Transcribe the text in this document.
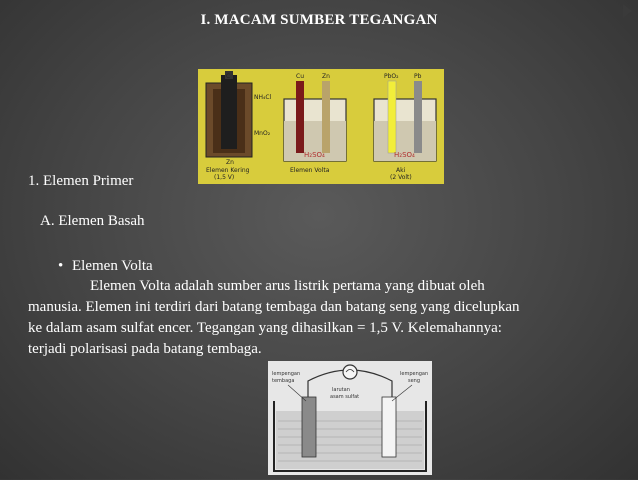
I. MACAM SUMBER TEGANGAN
C
NH₄Cl
MnO₂
Zn
Elemen Kering
(1,5 V)
Cu	Zn
H₂SO₄
Elemen Volta
PbO₂	Pb
H₂SO₄
Aki
(2 Volt)
1. Elemen Primer
A. Elemen Basah
• Elemen Volta
Elemen Volta adalah sumber arus listrik pertama yang dibuat oleh
manusia. Elemen ini terdiri dari batang tembaga dan batang seng yang dicelupkan
ke dalam asam sulfat encer. Tegangan yang dihasilkan = 1,5 V. Kelemahannya:
terjadi polarisasi pada batang tembaga.
lempengan
tembaga
larutan
asam sulfat
lempengan
seng
